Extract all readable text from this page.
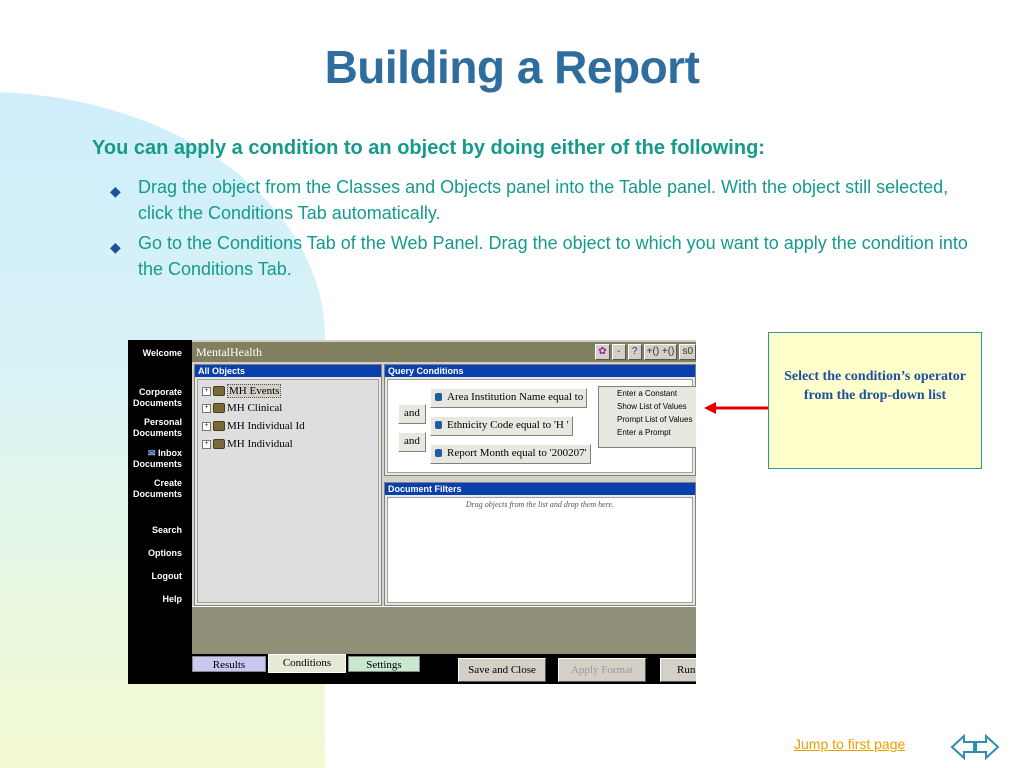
Building a Report
You can apply a condition to an object by doing either of the following:
◆ Drag the object from the Classes and Objects panel into the Table panel. With the object still selected, click the Conditions Tab automatically.
◆ Go to the Conditions Tab of the Web Panel. Drag the object to which you want to apply the condition into the Conditions Tab.
Welcome
Corporate Documents
Personal Documents
✉ Inbox Documents
Create Documents
Search
Options
Logout
Help
MentalHealth	✿	-	? +() +() s0
All Objects
+ MH Events
+ MH Clinical
+ MH Individual Id
+ MH Individual
Query Conditions
Area Institution Name equal to
and
Ethnicity Code equal to 'H '
and
Report Month equal to '200207'
Enter a Constant
Show List of Values
Prompt List of Values
Enter a Prompt
Document Filters
Drag objects from the list and drop them here.
Results	Conditions	Settings	Save and Close	Apply Format	Run
Select the condition’s operator from the drop-down list
Jump to first page
